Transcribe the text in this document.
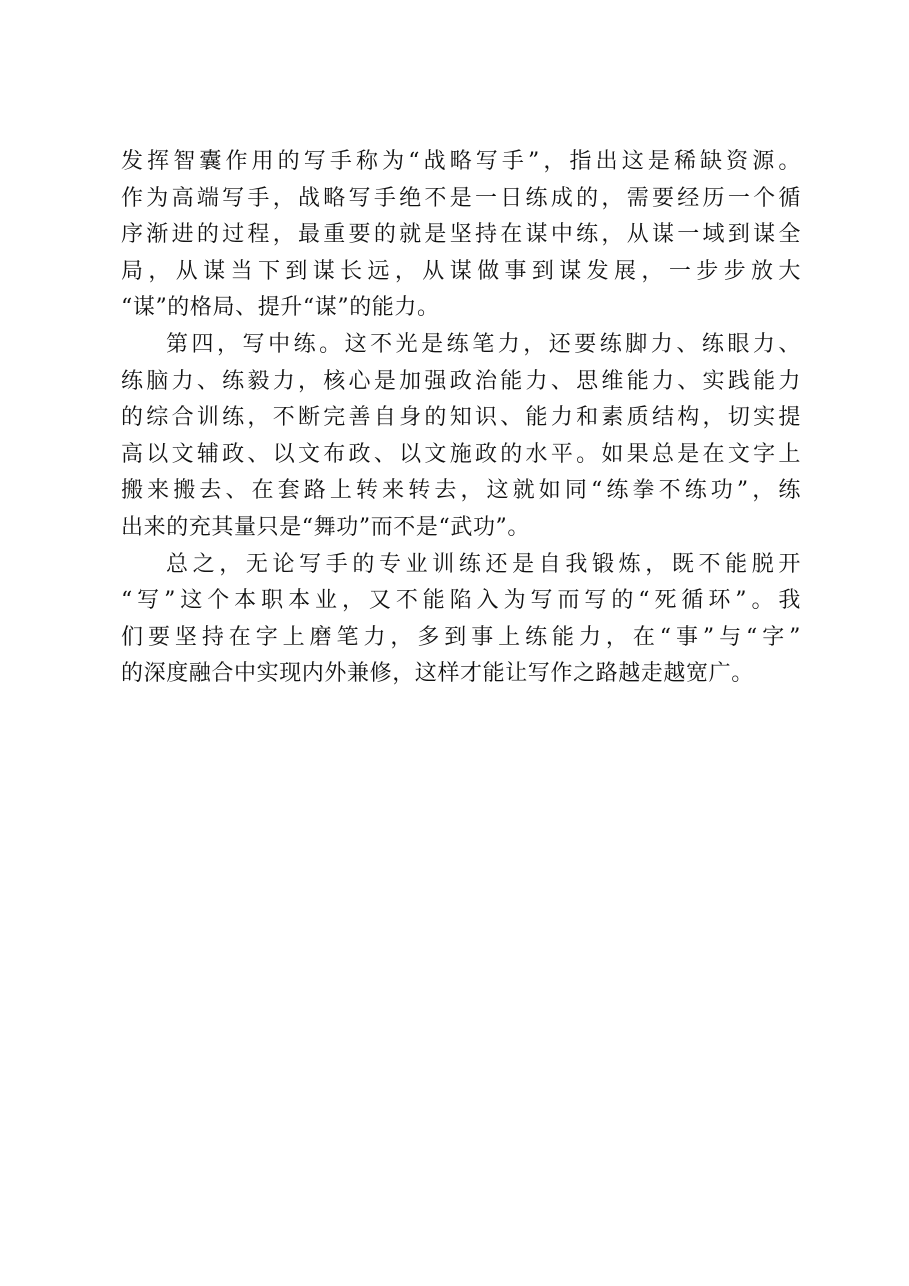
发挥智囊作用的写手称为“战略写手”，指出这是稀缺资源。
作为高端写手，战略写手绝不是一日练成的，需要经历一个循
序渐进的过程，最重要的就是坚持在谋中练，从谋一域到谋全
局，从谋当下到谋长远，从谋做事到谋发展，一步步放大
“谋”的格局、提升“谋”的能力。
第四，写中练。这不光是练笔力，还要练脚力、练眼力、
练脑力、练毅力，核心是加强政治能力、思维能力、实践能力
的综合训练，不断完善自身的知识、能力和素质结构，切实提
高以文辅政、以文布政、以文施政的水平。如果总是在文字上
搬来搬去、在套路上转来转去，这就如同“练拳不练功”，练
出来的充其量只是“舞功”而不是“武功”。
总之，无论写手的专业训练还是自我锻炼，既不能脱开
“写”这个本职本业，又不能陷入为写而写的“死循环”。我
们要坚持在字上磨笔力，多到事上练能力，在“事”与“字”
的深度融合中实现内外兼修，这样才能让写作之路越走越宽广。
